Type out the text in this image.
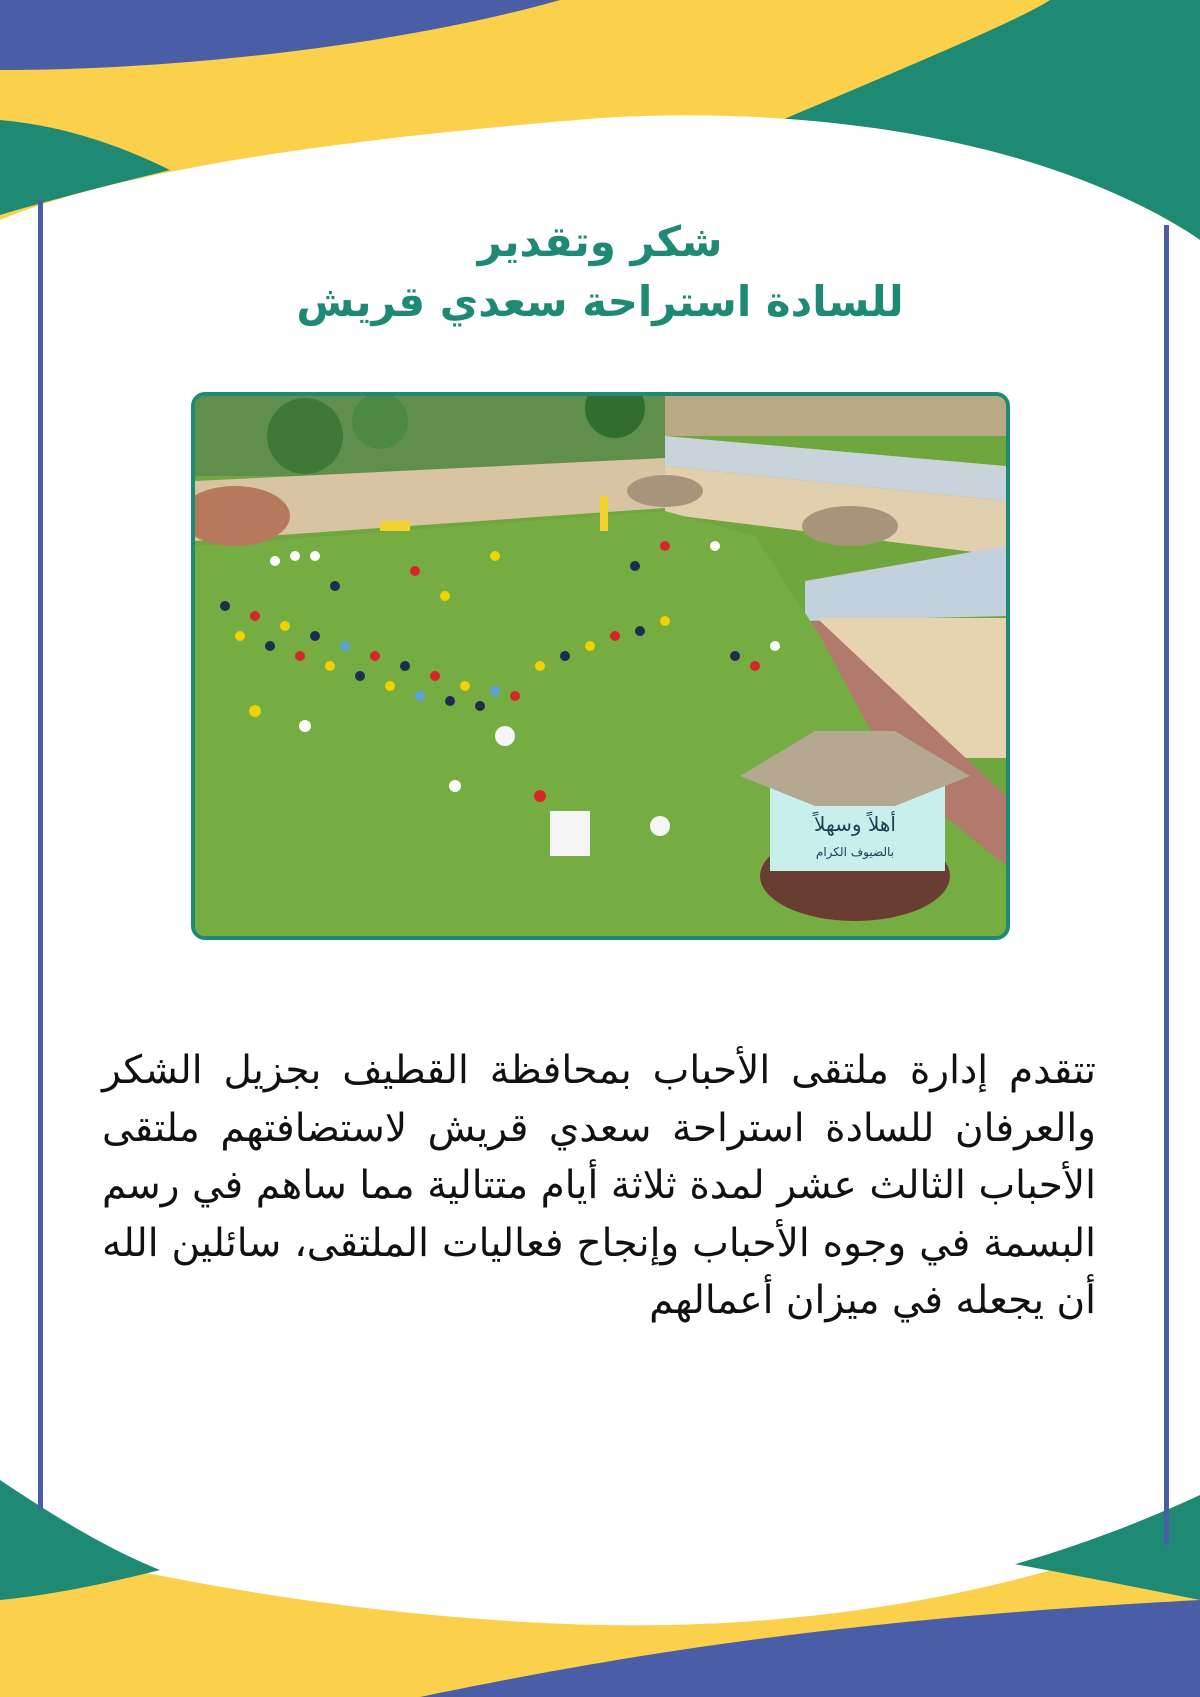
شكر وتقدير
للسادة استراحة سعدي قريش
أهلاً وسهلاً
بالضيوف الكرام
تتقدم إدارة ملتقى الأحباب بمحافظة القطيف بجزيل الشكر والعرفان للسادة استراحة سعدي قريش لاستضافتهم ملتقى الأحباب الثالث عشر لمدة ثلاثة أيام متتالية مما ساهم في رسم البسمة في وجوه الأحباب وإنجاح فعاليات الملتقى، سائلين الله أن يجعله في ميزان أعمالهم
